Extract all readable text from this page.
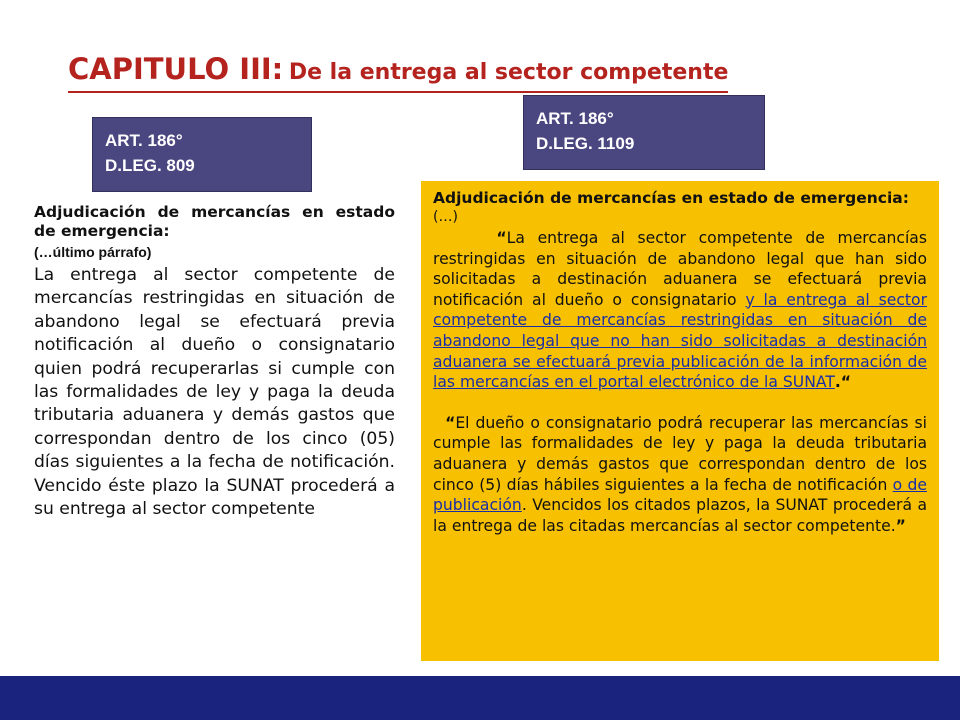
CAPITULO III: De la entrega al sector competente
ART. 186°
D.LEG. 809
ART. 186°
D.LEG. 1109
Adjudicación de mercancías en estado de emergencia:
(…último párrafo)
La entrega al sector competente de mercancías restringidas en situación de abandono legal se efectuará previa notificación al dueño o consignatario quien podrá recuperarlas si cumple con las formalidades de ley y paga la deuda tributaria aduanera y demás gastos que correspondan dentro de los cinco (05) días siguientes a la fecha de notificación. Vencido éste plazo la SUNAT procederá a su entrega al sector competente
Adjudicación de mercancías en estado de emergencia:
(…)

“La entrega al sector competente de mercancías restringidas en situación de abandono legal que han sido solicitadas a destinación aduanera se efectuará previa notificación al dueño o consignatario y la entrega al sector competente de mercancías restringidas en situación de abandono legal que no han sido solicitadas a destinación aduanera se efectuará previa publicación de la información de las mercancías en el portal electrónico de la SUNAT.“

“El dueño o consignatario podrá recuperar las mercancías si cumple las formalidades de ley y paga la deuda tributaria aduanera y demás gastos que correspondan dentro de los cinco (5) días hábiles siguientes a la fecha de notificación o de publicación. Vencidos los citados plazos, la SUNAT procederá a la entrega de las citadas mercancías al sector competente.”
